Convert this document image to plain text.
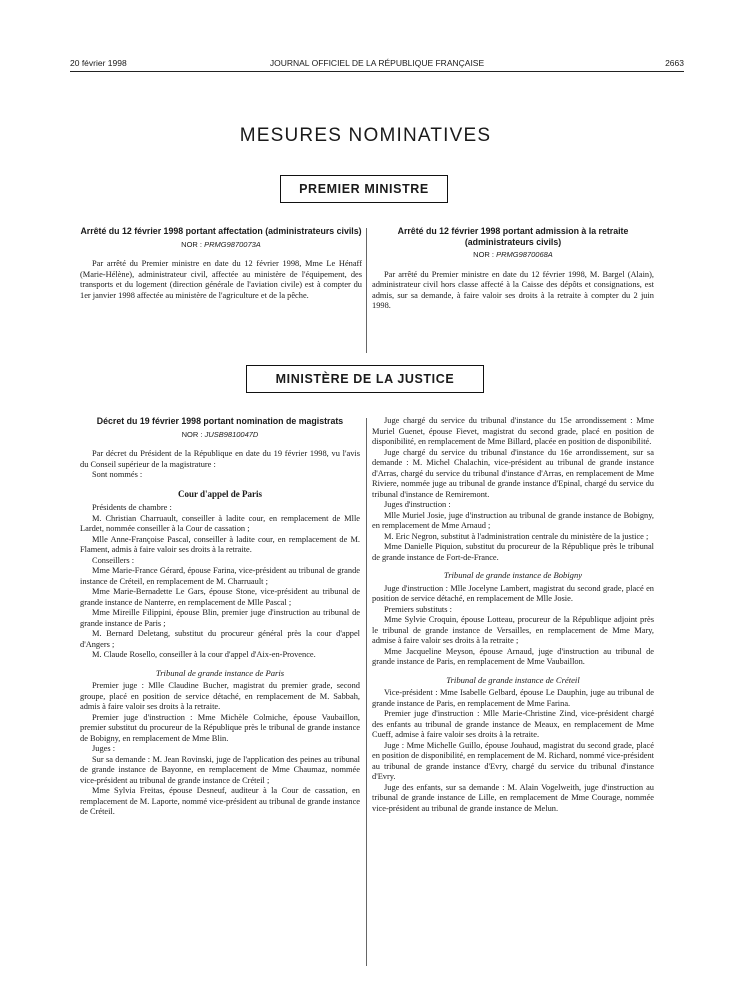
20 février 1998	JOURNAL OFFICIEL DE LA RÉPUBLIQUE FRANÇAISE	2663
MESURES NOMINATIVES
PREMIER MINISTRE

Arrêté du 12 février 1998 portant affectation (administrateurs civils)

NOR : PRMG9870073A

Par arrêté du Premier ministre en date du 12 février 1998, Mme Le Hénaff (Marie-Hélène), administrateur civil, affectée au ministère de l'équipement, des transports et du logement (direction générale de l'aviation civile) est à compter du 1er janvier 1998 affectée au ministère de l'agriculture et de la pêche.

Arrêté du 12 février 1998 portant admission à la retraite (administrateurs civils)

NOR : PRMG9870068A

Par arrêté du Premier ministre en date du 12 février 1998, M. Bargel (Alain), administrateur civil hors classe affecté à la Caisse des dépôts et consignations, est admis, sur sa demande, à faire valoir ses droits à la retraite à compter du 2 juin 1998.

MINISTÈRE DE LA JUSTICE

Décret du 19 février 1998 portant nomination de magistrats

NOR : JUSB9810047D

Par décret du Président de la République en date du 19 février 1998, vu l'avis du Conseil supérieur de la magistrature :

Sont nommés :

Cour d'appel de Paris

Présidents de chambre :

M. Christian Charruault, conseiller à ladite cour, en remplacement de Mlle Lardet, nommée conseiller à la Cour de cassation ;

Mlle Anne-Françoise Pascal, conseiller à ladite cour, en remplacement de M. Flament, admis à faire valoir ses droits à la retraite.

Conseillers :

Mme Marie-France Gérard, épouse Farina, vice-président au tribunal de grande instance de Créteil, en remplacement de M. Charruault ;

Mme Marie-Bernadette Le Gars, épouse Stone, vice-président au tribunal de grande instance de Nanterre, en remplacement de Mlle Pascal ;

Mme Mireille Filippini, épouse Blin, premier juge d'instruction au tribunal de grande instance de Paris ;

M. Bernard Deletang, substitut du procureur général près la cour d'appel d'Angers ;

M. Claude Rosello, conseiller à la cour d'appel d'Aix-en-Provence.

Tribunal de grande instance de Paris

Premier juge : Mlle Claudine Bucher, magistrat du premier grade, second groupe, placé en position de service détaché, en remplacement de M. Sabbah, admis à faire valoir ses droits à la retraite.

Premier juge d'instruction : Mme Michèle Colmiche, épouse Vaubaillon, premier substitut du procureur de la République près le tribunal de grande instance de Bobigny, en remplacement de Mme Blin.

Juges :

Sur sa demande : M. Jean Rovinski, juge de l'application des peines au tribunal de grande instance de Bayonne, en remplacement de Mme Chaumaz, nommée vice-président au tribunal de grande instance de Créteil ;

Mme Sylvia Freitas, épouse Desneuf, auditeur à la Cour de cassation, en remplacement de M. Laporte, nommé vice-président au tribunal de grande instance de Créteil.

Juge chargé du service du tribunal d'instance du 15e arrondissement : Mme Muriel Guenet, épouse Fievet, magistrat du second grade, placé en position de disponibilité, en remplacement de Mme Billard, placée en position de disponibilité.

Juge chargé du service du tribunal d'instance du 16e arrondissement, sur sa demande : M. Michel Chalachin, vice-président au tribunal de grande instance d'Arras, chargé du service du tribunal d'instance d'Arras, en remplacement de Mme Riviere, nommée juge au tribunal de grande instance d'Epinal, chargé du service du tribunal d'instance de Remiremont.

Juges d'instruction :

Mlle Muriel Josie, juge d'instruction au tribunal de grande instance de Bobigny, en remplacement de Mme Arnaud ;

M. Eric Negron, substitut à l'administration centrale du ministère de la justice ;

Mme Danielle Piquion, substitut du procureur de la République près le tribunal de grande instance de Fort-de-France.

Tribunal de grande instance de Bobigny

Juge d'instruction : Mlle Jocelyne Lambert, magistrat du second grade, placé en position de service détaché, en remplacement de Mlle Josie.

Premiers substituts :

Mme Sylvie Croquin, épouse Lotteau, procureur de la République adjoint près le tribunal de grande instance de Versailles, en remplacement de Mme Mary, admise à faire valoir ses droits à la retraite ;

Mme Jacqueline Meyson, épouse Arnaud, juge d'instruction au tribunal de grande instance de Paris, en remplacement de Mme Vaubaillon.

Tribunal de grande instance de Créteil

Vice-président : Mme Isabelle Gelbard, épouse Le Dauphin, juge au tribunal de grande instance de Paris, en remplacement de Mme Farina.

Premier juge d'instruction : Mlle Marie-Christine Zind, vice-président chargé des enfants au tribunal de grande instance de Meaux, en remplacement de Mme Cueff, admise à faire valoir ses droits à la retraite.

Juge : Mme Michelle Guillo, épouse Jouhaud, magistrat du second grade, placé en position de disponibilité, en remplacement de M. Richard, nommé vice-président au tribunal de grande instance d'Evry, chargé du service du tribunal d'instance d'Evry.

Juge des enfants, sur sa demande : M. Alain Vogelweith, juge d'instruction au tribunal de grande instance de Lille, en remplacement de Mme Courage, nommée vice-président au tribunal de grande instance de Melun.
